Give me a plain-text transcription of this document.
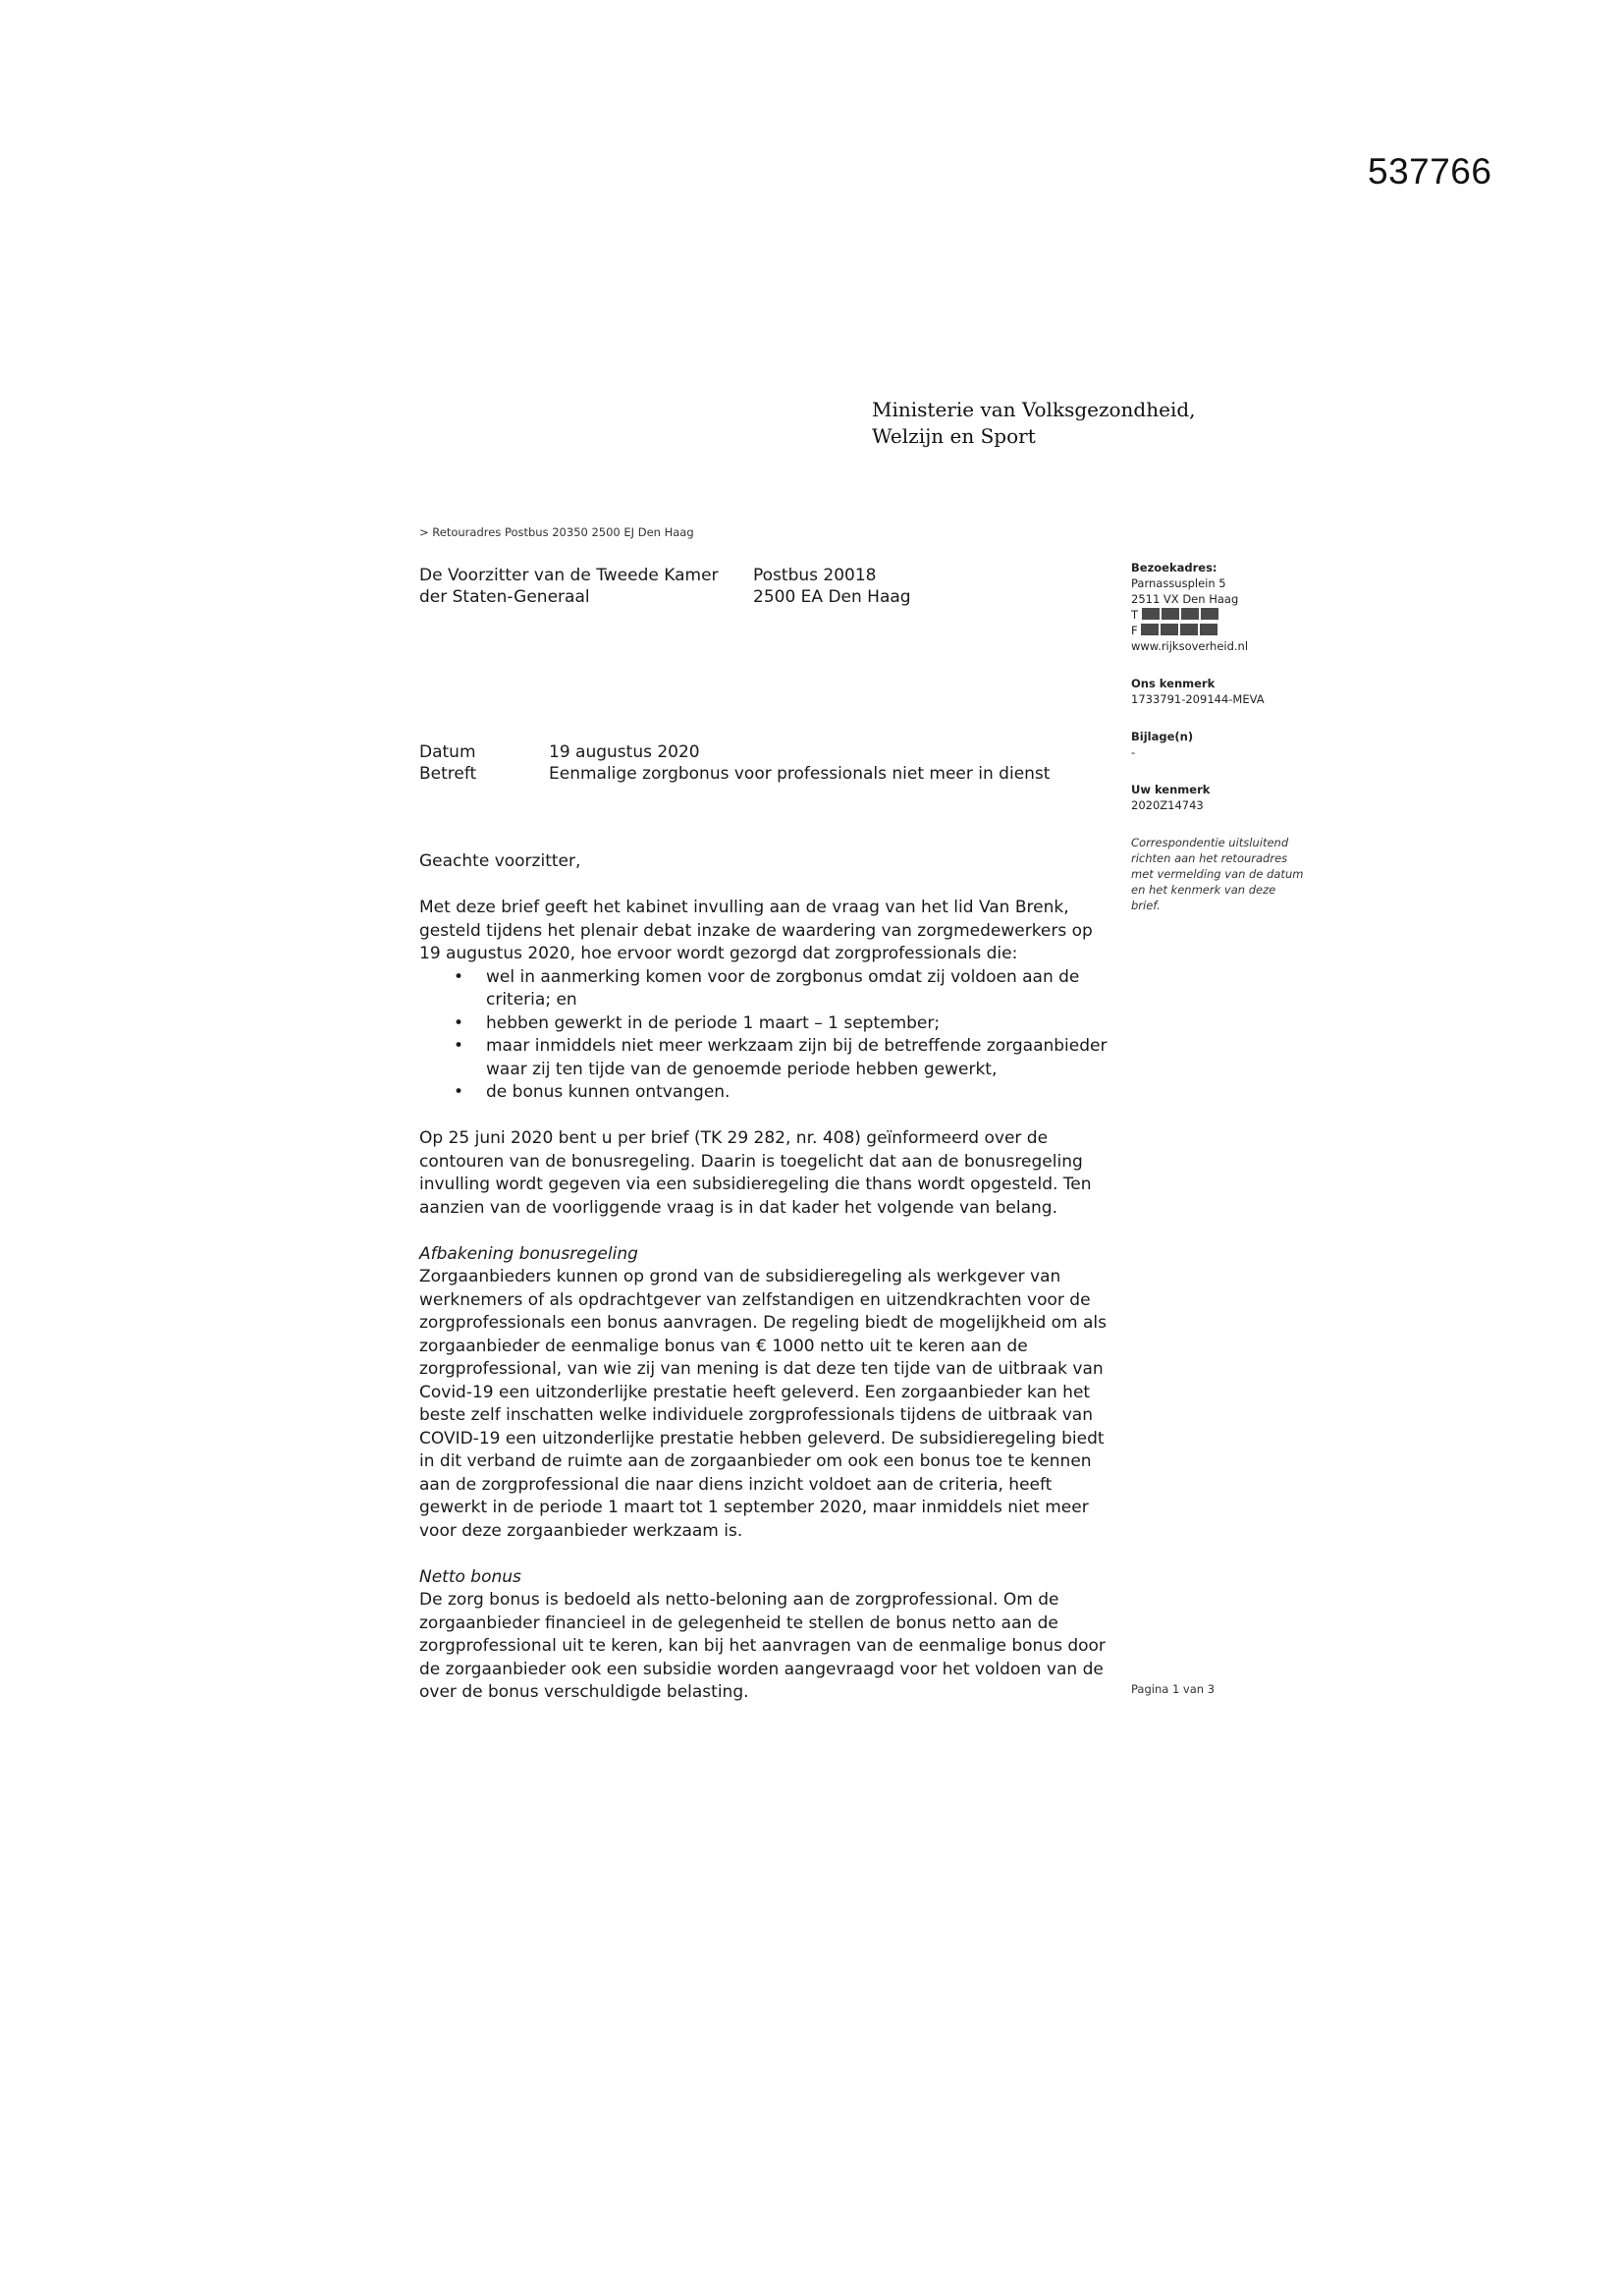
537766
Ministerie van Volksgezondheid,
Welzijn en Sport
> Retouradres Postbus 20350 2500 EJ Den Haag
De Voorzitter van de Tweede Kamer
der Staten-Generaal
Postbus 20018
2500 EA Den Haag
Bezoekadres:
Parnassusplein 5
2511 VX Den Haag
T
F
www.rijksoverheid.nl
Ons kenmerk
1733791-209144-MEVA
Bijlage(n)
-
Uw kenmerk
2020Z14743
Correspondentie uitsluitend
richten aan het retouradres
met vermelding van de datum
en het kenmerk van deze
brief.
Datum	19 augustus 2020
Betreft	Eenmalige zorgbonus voor professionals niet meer in dienst

Geachte voorzitter,

Met deze brief geeft het kabinet invulling aan de vraag van het lid Van Brenk,

gesteld tijdens het plenair debat inzake de waardering van zorgmedewerkers op

19 augustus 2020, hoe ervoor wordt gezorgd dat zorgprofessionals die:

• wel in aanmerking komen voor de zorgbonus omdat zij voldoen aan de
criteria; en
• hebben gewerkt in de periode 1 maart – 1 september;
• maar inmiddels niet meer werkzaam zijn bij de betreffende zorgaanbieder
waar zij ten tijde van de genoemde periode hebben gewerkt,
• de bonus kunnen ontvangen.

Op 25 juni 2020 bent u per brief (TK 29 282, nr. 408) geïnformeerd over de

contouren van de bonusregeling. Daarin is toegelicht dat aan de bonusregeling

invulling wordt gegeven via een subsidieregeling die thans wordt opgesteld. Ten

aanzien van de voorliggende vraag is in dat kader het volgende van belang.

Afbakening bonusregeling

Zorgaanbieders kunnen op grond van de subsidieregeling als werkgever van

werknemers of als opdrachtgever van zelfstandigen en uitzendkrachten voor de

zorgprofessionals een bonus aanvragen. De regeling biedt de mogelijkheid om als

zorgaanbieder de eenmalige bonus van € 1000 netto uit te keren aan de

zorgprofessional, van wie zij van mening is dat deze ten tijde van de uitbraak van

Covid-19 een uitzonderlijke prestatie heeft geleverd. Een zorgaanbieder kan het

beste zelf inschatten welke individuele zorgprofessionals tijdens de uitbraak van

COVID-19 een uitzonderlijke prestatie hebben geleverd. De subsidieregeling biedt

in dit verband de ruimte aan de zorgaanbieder om ook een bonus toe te kennen

aan de zorgprofessional die naar diens inzicht voldoet aan de criteria, heeft

gewerkt in de periode 1 maart tot 1 september 2020, maar inmiddels niet meer

voor deze zorgaanbieder werkzaam is.

Netto bonus

De zorg bonus is bedoeld als netto-beloning aan de zorgprofessional. Om de

zorgaanbieder financieel in de gelegenheid te stellen de bonus netto aan de

zorgprofessional uit te keren, kan bij het aanvragen van de eenmalige bonus door

de zorgaanbieder ook een subsidie worden aangevraagd voor het voldoen van de

over de bonus verschuldigde belasting.	Pagina 1 van 3
